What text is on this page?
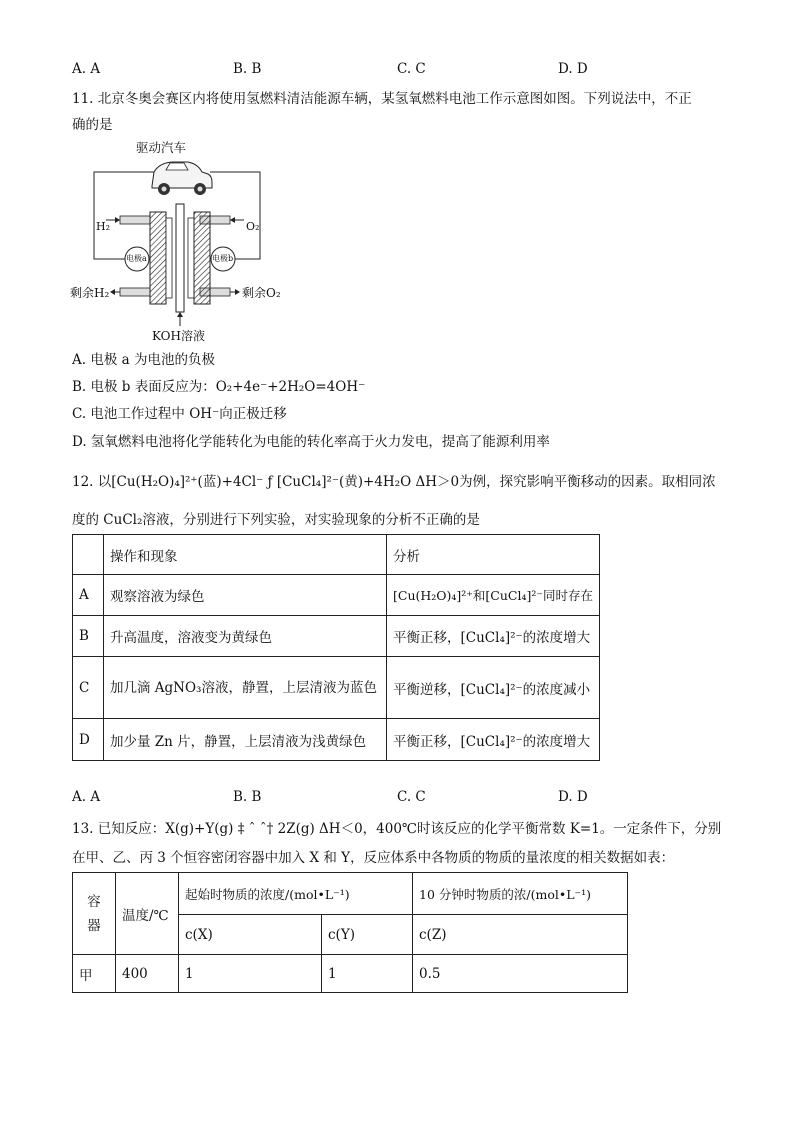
A. A	B. B	C. C	D. D
11. 北京冬奥会赛区内将使用氢燃料清洁能源车辆，某氢氧燃料电池工作示意图如图。下列说法中，不正
确的是
驱动汽车
H₂	O₂
电极a	电极b
剩余H₂	剩余O₂
KOH溶液
A. 电极 a 为电池的负极
B. 电极 b 表面反应为：O₂+4e⁻+2H₂O=4OH⁻
C. 电池工作过程中 OH⁻向正极迁移
D. 氢氧燃料电池将化学能转化为电能的转化率高于火力发电，提高了能源利用率
12. 以[Cu(H₂O)₄]²⁺(蓝)+4Cl⁻ ƒ [CuCl₄]²⁻(黄)+4H₂O ΔH＞0为例，探究影响平衡移动的因素。取相同浓
度的 CuCl₂溶液，分别进行下列实验，对实验现象的分析不正确的是
	操作和现象	分析
A	观察溶液为绿色	[Cu(H₂O)₄]²⁺和[CuCl₄]²⁻同时存在
B	升高温度，溶液变为黄绿色	平衡正移，[CuCl₄]²⁻的浓度增大
C	加几滴 AgNO₃溶液，静置，上层清液为蓝色	平衡逆移，[CuCl₄]²⁻的浓度减小
D	加少量 Zn 片，静置，上层清液为浅黄绿色	平衡正移，[CuCl₄]²⁻的浓度增大
A. A	B. B	C. C	D. D
13. 已知反应：X(g)+Y(g) ‡ ˆ ˆ† 2Z(g) ΔH＜0，400℃时该反应的化学平衡常数 K=1。一定条件下，分别
在甲、乙、丙 3 个恒容密闭容器中加入 X 和 Y，反应体系中各物质的物质的量浓度的相关数据如表：
容器	温度/℃	起始时物质的浓度/(mol•L⁻¹)		10 分钟时物质的浓/(mol•L⁻¹)
		c(X)	c(Y)	c(Z)
甲	400	1	1	0.5
